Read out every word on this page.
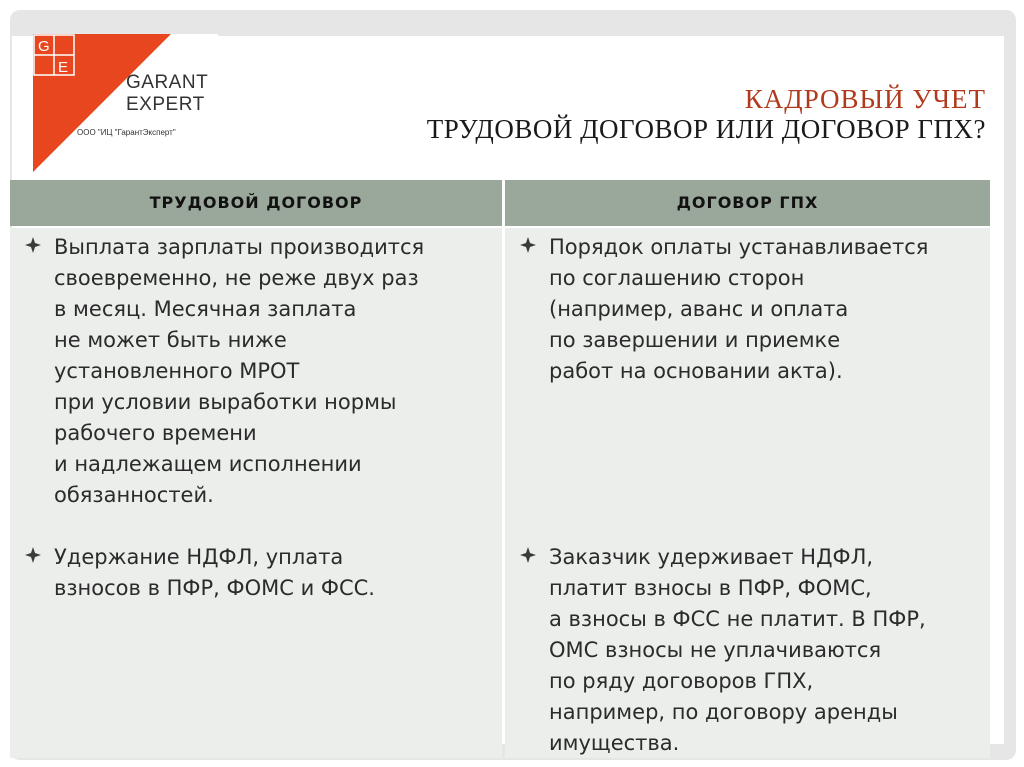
G
E
GARANT
EXPERT
ООО "ИЦ "ГарантЭксперт"
КАДРОВЫЙ УЧЕТ
ТРУДОВОЙ ДОГОВОР ИЛИ ДОГОВОР ГПХ?
ТРУДОВОЙ ДОГОВОР	ДОГОВОР ГПХ
Выплата зарплаты производится
своевременно, не реже двух раз
в месяц. Месячная заплата
не может быть ниже
установленного МРОТ
при условии выработки нормы
рабочего времени
и надлежащем исполнении
обязанностей.
Удержание НДФЛ, уплата
взносов в ПФР, ФОМС и ФСС.
Порядок оплаты устанавливается
по соглашению сторон
(например, аванс и оплата
по завершении и приемке
работ на основании акта).
Заказчик удерживает НДФЛ,
платит взносы в ПФР, ФОМС,
а взносы в ФСС не платит. В ПФР,
ОМС взносы не уплачиваются
по ряду договоров ГПХ,
например, по договору аренды
имущества.
